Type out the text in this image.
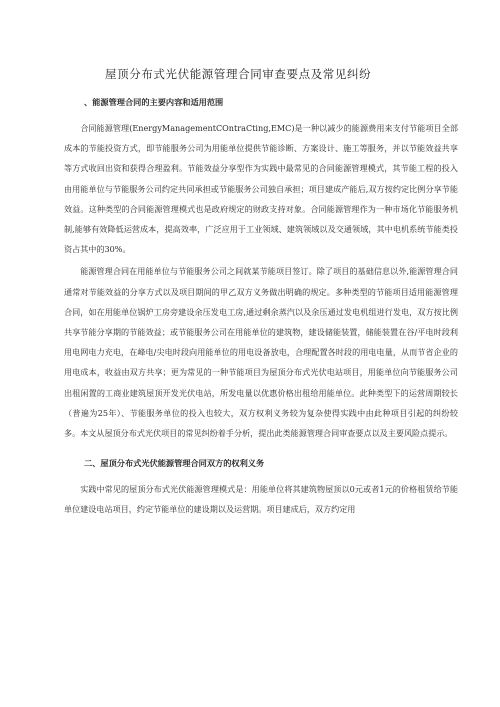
屋顶分布式光伏能源管理合同审查要点及常见纠纷
、能源管理合同的主要内容和适用范围

合同能源管理(EnergyManagementCOntraCting,EMC)是一种以减少的能源费用来支付节能项目全部成本的节能投资方式，即节能服务公司为用能单位提供节能诊断、方案设计、施工等服务，并以节能效益共享等方式收回出资和获得合理盈利。节能效益分享型作为实践中最常见的合同能源管理模式，其节能工程的投入由用能单位与节能服务公司约定共同承担或节能服务公司独自承担；项目建成产能后,双方按约定比例分享节能效益。这种类型的合同能源管理模式也是政府规定的财政支持对象。合同能源管理作为一种市场化节能服务机制,能够有效降低运营成本，提高效率，广泛应用于工业领域、建筑领域以及交通领域，其中电机系统节能类投资占其中的30%。

能源管理合同在用能单位与节能服务公司之间就某节能项目签订。除了项目的基础信息以外,能源管理合同通常对节能效益的分享方式以及项目期间的甲乙双方义务做出明确的规定。多种类型的节能项目适用能源管理合同，如在用能单位锅炉工房旁建设余压发电工房,通过剩余蒸汽以及余压通过发电机组进行发电，双方按比例共享节能分享期的节能效益；或节能服务公司在用能单位的建筑物，建设储能装置，储能装置在谷/平电时段利用电网电力充电，在峰电/尖电时段向用能单位的用电设备放电，合理配置各时段的用电电量，从而节省企业的用电成本，收益由双方共享；更为常见的一种节能项目为屋顶分布式光伏电站项目，用能单位向节能服务公司出租闲置的工商业建筑屋顶开发光伏电站，所发电量以优惠价格出租给用能单位。此种类型下的运营周期较长（普遍为25年）、节能服务单位的投入也较大，双方权利义务较为复杂使得实践中由此种项目引起的纠纷较多。本文从屋顶分布式光伏项目的常见纠纷着手分析，提出此类能源管理合同审查要点以及主要风险点提示。

二、屋顶分布式光伏能源管理合同双方的权利义务

实践中常见的屋顶分布式光伏能源管理模式是：用能单位将其建筑物屋顶以0元或者1元的价格租赁给节能单位建设电站项目，约定节能单位的建设期以及运营期。项目建成后，双方约定用
